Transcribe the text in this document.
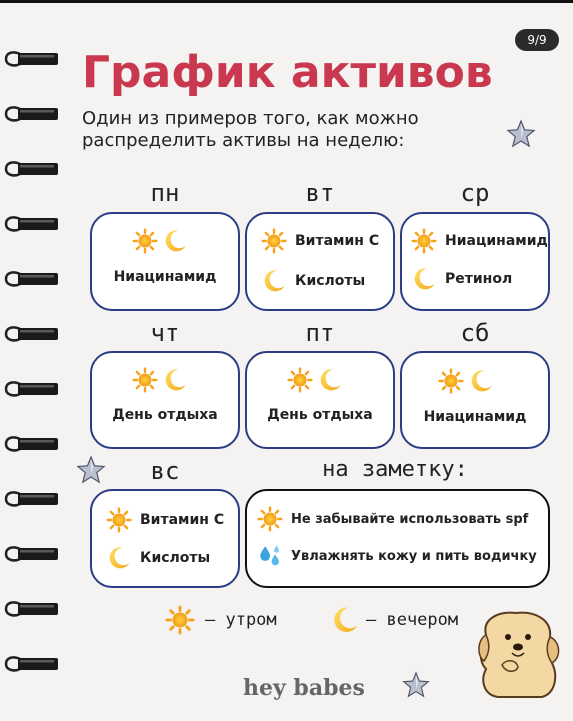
9/9
График активов
Один из примеров того, как можно распределить активы на неделю:
пн	вт	ср
Ниацинамид
Витамин С
Кислоты
Ниацинамид
Ретинол
чт	пт	сб
День отдыха	День отдыха	Ниацинамид
вс	на заметку:
Витамин С
Кислоты
Не забывайте использовать spf
Увлажнять кожу и пить водичку
— утром	— вечером
hey babes
